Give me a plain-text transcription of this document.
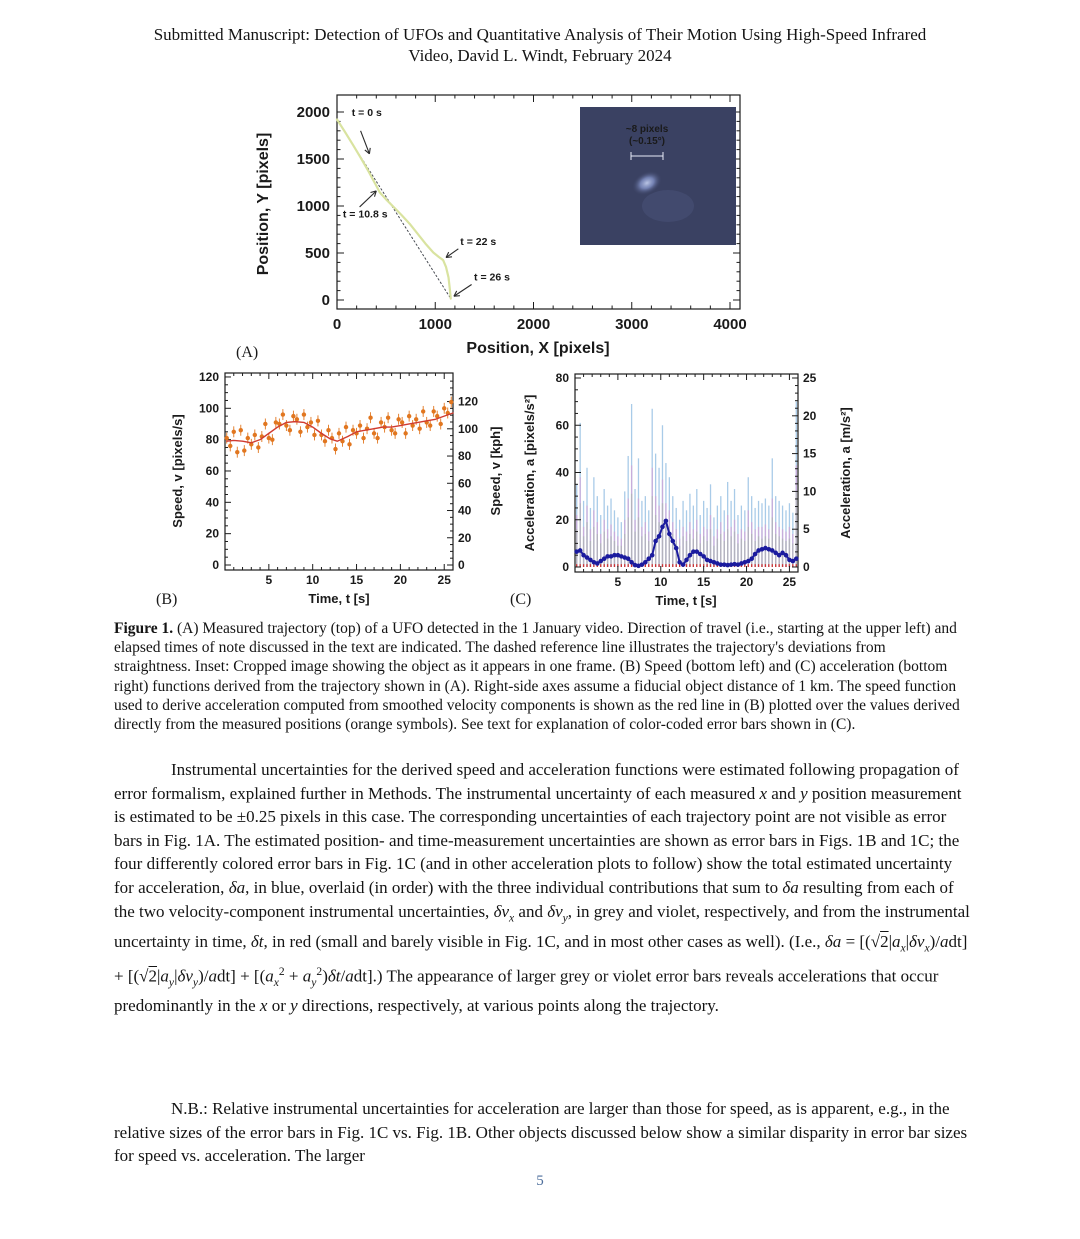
Submitted Manuscript: Detection of UFOs and Quantitative Analysis of Their Motion Using High-Speed Infrared
Video, David L. Windt, February 2024
0	1000	2000	3000	4000
0
500
1000
1500
2000
Position, X [pixels]
Position, Y [pixels]
t = 0 s
t = 10.8 s
t = 22 s
t = 26 s
~8 pixels
(~0.15°)
(A)
5	10	15	20	25
0
20
40
60
80
100
120
0
20
40
60
80
100
120
Time, t [s]
Speed, v [pixels/s]	Speed, v [kph]
(B)
5	10 15 20 25
0
20
40
60
80
0
5
10
15
20
25
Time, t [s]
Acceleration, a [pixels/s²]	Acceleration, a [m/s²]
(C)
Figure 1. (A) Measured trajectory (top) of a UFO detected in the 1 January video. Direction of travel (i.e., starting at the upper left) and elapsed times of note discussed in the text are indicated. The dashed reference line illustrates the trajectory's deviations from straightness. Inset: Cropped image showing the object as it appears in one frame. (B) Speed (bottom left) and (C) acceleration (bottom right) functions derived from the trajectory shown in (A). Right-side axes assume a fiducial object distance of 1 km. The speed function used to derive acceleration computed from smoothed velocity components is shown as the red line in (B) plotted over the values derived directly from the measured positions (orange symbols). See text for explanation of color-coded error bars shown in (C).

Instrumental uncertainties for the derived speed and acceleration functions were estimated following propagation of error formalism, explained further in Methods. The instrumental uncertainty of each measured x and y position measurement is estimated to be ±0.25 pixels in this case. The corresponding uncertainties of each trajectory point are not visible as error bars in Fig. 1A. The estimated position- and time-measurement uncertainties are shown as error bars in Figs. 1B and 1C; the four differently colored error bars in Fig. 1C (and in other acceleration plots to follow) show the total estimated uncertainty for acceleration, δa, in blue, overlaid (in order) with the three individual contributions that sum to δa resulting from each of the two velocity-component instrumental uncertainties, $\delta v_x$ and $\delta v_y$, in grey and violet, respectively, and from the instrumental uncertainty in time, δt, in red (small and barely visible in Fig. 1C, and in most other cases as well). (I.e., $\delta a = [(√2|a_x|\delta v_x)/adt] + [(√2|a_y|\delta v_y)/adt] + [(a_x^2 + a_y^2)\delta t/adt]$.) The appearance of larger grey or violet error bars reveals accelerations that occur predominantly in the x or y directions, respectively, at various points along the trajectory.

N.B.: Relative instrumental uncertainties for acceleration are larger than those for speed, as is apparent, e.g., in the relative sizes of the error bars in Fig. 1C vs. Fig. 1B. Other objects discussed below show a similar disparity in error bar sizes for speed vs. acceleration. The larger

5
